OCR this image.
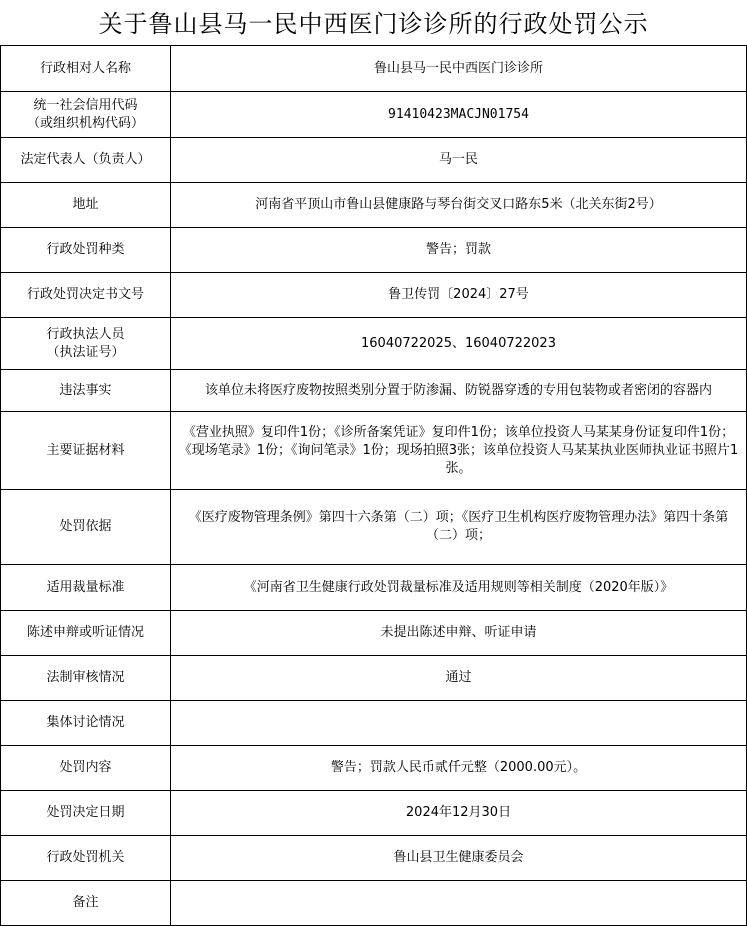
关于鲁山县马一民中西医门诊诊所的行政处罚公示
行政相对人名称	鲁山县马一民中西医门诊诊所
统一社会信用代码
（或组织机构代码）	91410423MACJN01754
法定代表人（负责人）	马一民
地址	河南省平顶山市鲁山县健康路与琴台街交叉口路东5米（北关东街2号）
行政处罚种类	警告；罚款
行政处罚决定书文号	鲁卫传罚〔2024〕27号
行政执法人员
（执法证号）	16040722025、16040722023
违法事实	该单位未将医疗废物按照类别分置于防渗漏、防锐器穿透的专用包装物或者密闭的容器内
主要证据材料	《营业执照》复印件1份；《诊所备案凭证》复印件1份；该单位投资人马某某身份证复印件1份；《现场笔录》1份；《询问笔录》1份；现场拍照3张；该单位投资人马某某执业医师执业证书照片1张。
处罚依据	《医疗废物管理条例》第四十六条第（二）项；《医疗卫生机构医疗废物管理办法》第四十条第（二）项；
适用裁量标准	《河南省卫生健康行政处罚裁量标准及适用规则等相关制度（2020年版）》
陈述申辩或听证情况	未提出陈述申辩、听证申请
法制审核情况	通过
集体讨论情况	
处罚内容	警告；罚款人民币贰仟元整（2000.00元）。
处罚决定日期	2024年12月30日
行政处罚机关	鲁山县卫生健康委员会
备注	
